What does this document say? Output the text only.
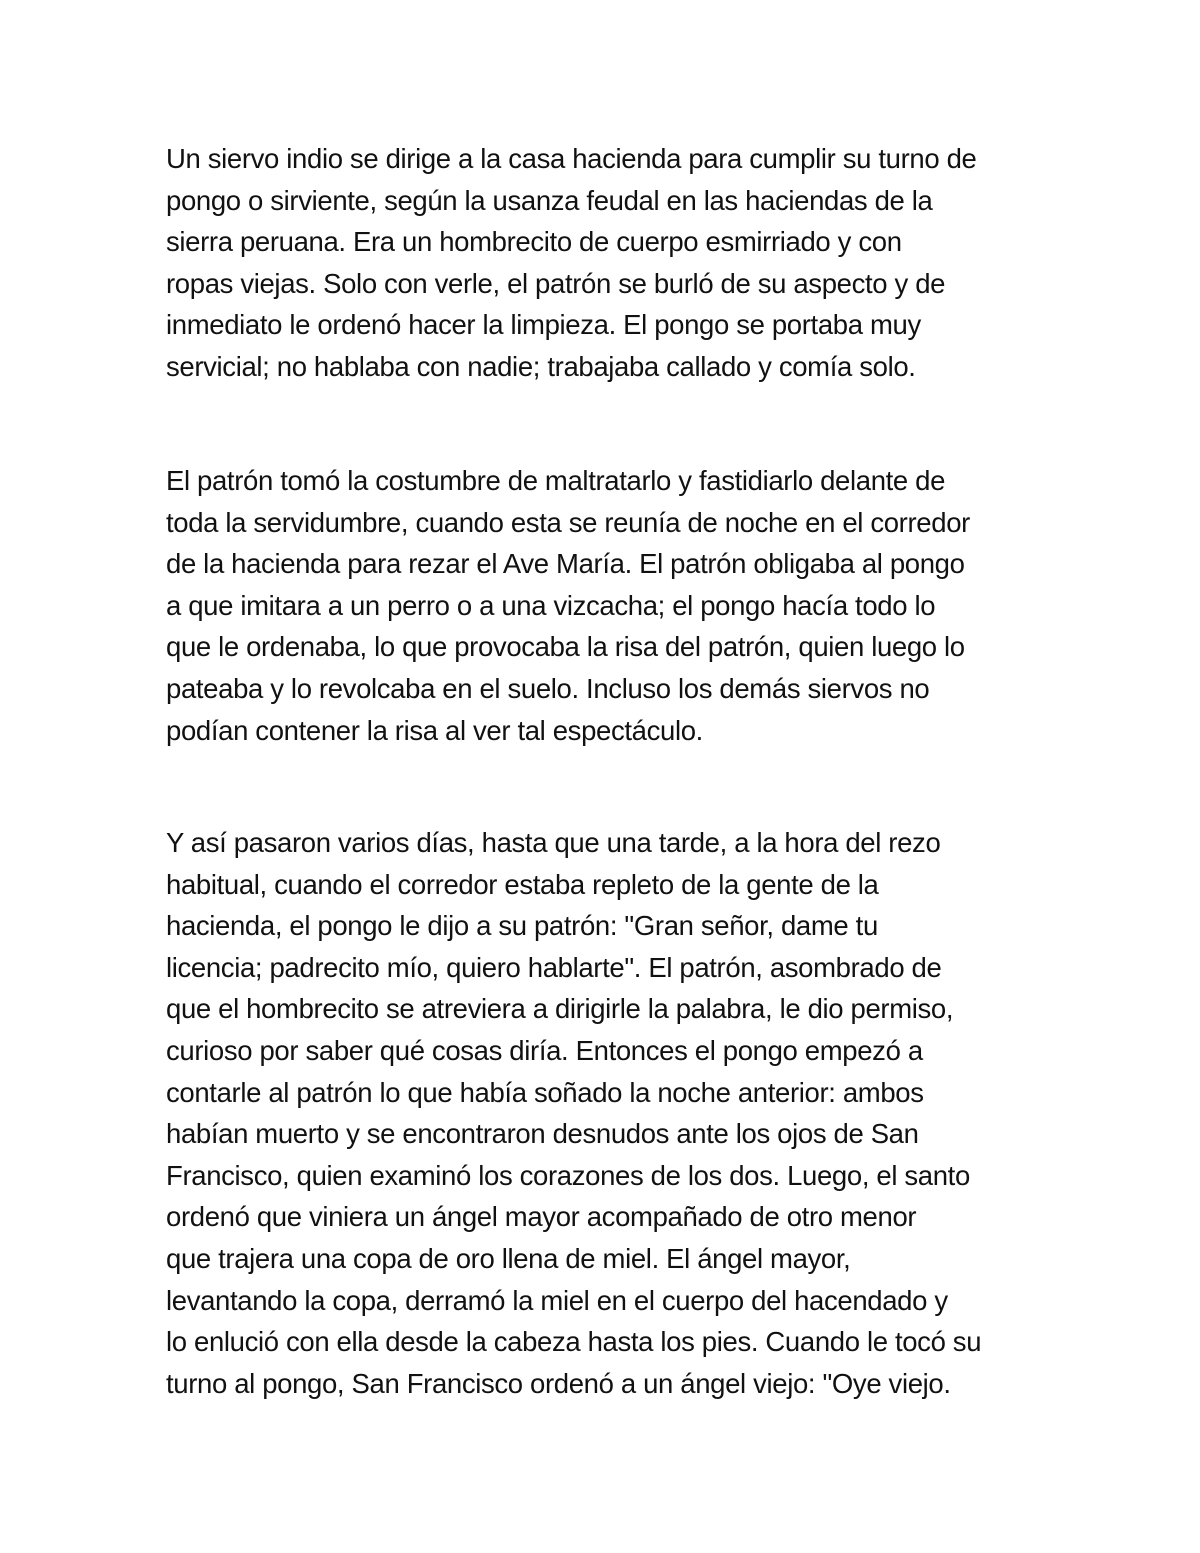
Un siervo indio se dirige a la casa hacienda para cumplir su turno de
pongo o sirviente, según la usanza feudal en las haciendas de la
sierra peruana. Era un hombrecito de cuerpo esmirriado y con
ropas viejas. Solo con verle, el patrón se burló de su aspecto y de
inmediato le ordenó hacer la limpieza. El pongo se portaba muy
servicial; no hablaba con nadie; trabajaba callado y comía solo.
El patrón tomó la costumbre de maltratarlo y fastidiarlo delante de
toda la servidumbre, cuando esta se reunía de noche en el corredor
de la hacienda para rezar el Ave María. El patrón obligaba al pongo
a que imitara a un perro o a una vizcacha; el pongo hacía todo lo
que le ordenaba, lo que provocaba la risa del patrón, quien luego lo
pateaba y lo revolcaba en el suelo. Incluso los demás siervos no
podían contener la risa al ver tal espectáculo.
Y así pasaron varios días, hasta que una tarde, a la hora del rezo
habitual, cuando el corredor estaba repleto de la gente de la
hacienda, el pongo le dijo a su patrón: "Gran señor, dame tu
licencia; padrecito mío, quiero hablarte". El patrón, asombrado de
que el hombrecito se atreviera a dirigirle la palabra, le dio permiso,
curioso por saber qué cosas diría. Entonces el pongo empezó a
contarle al patrón lo que había soñado la noche anterior: ambos
habían muerto y se encontraron desnudos ante los ojos de San
Francisco, quien examinó los corazones de los dos. Luego, el santo
ordenó que viniera un ángel mayor acompañado de otro menor
que trajera una copa de oro llena de miel. El ángel mayor,
levantando la copa, derramó la miel en el cuerpo del hacendado y
lo enlució con ella desde la cabeza hasta los pies. Cuando le tocó su
turno al pongo, San Francisco ordenó a un ángel viejo: "Oye viejo.
